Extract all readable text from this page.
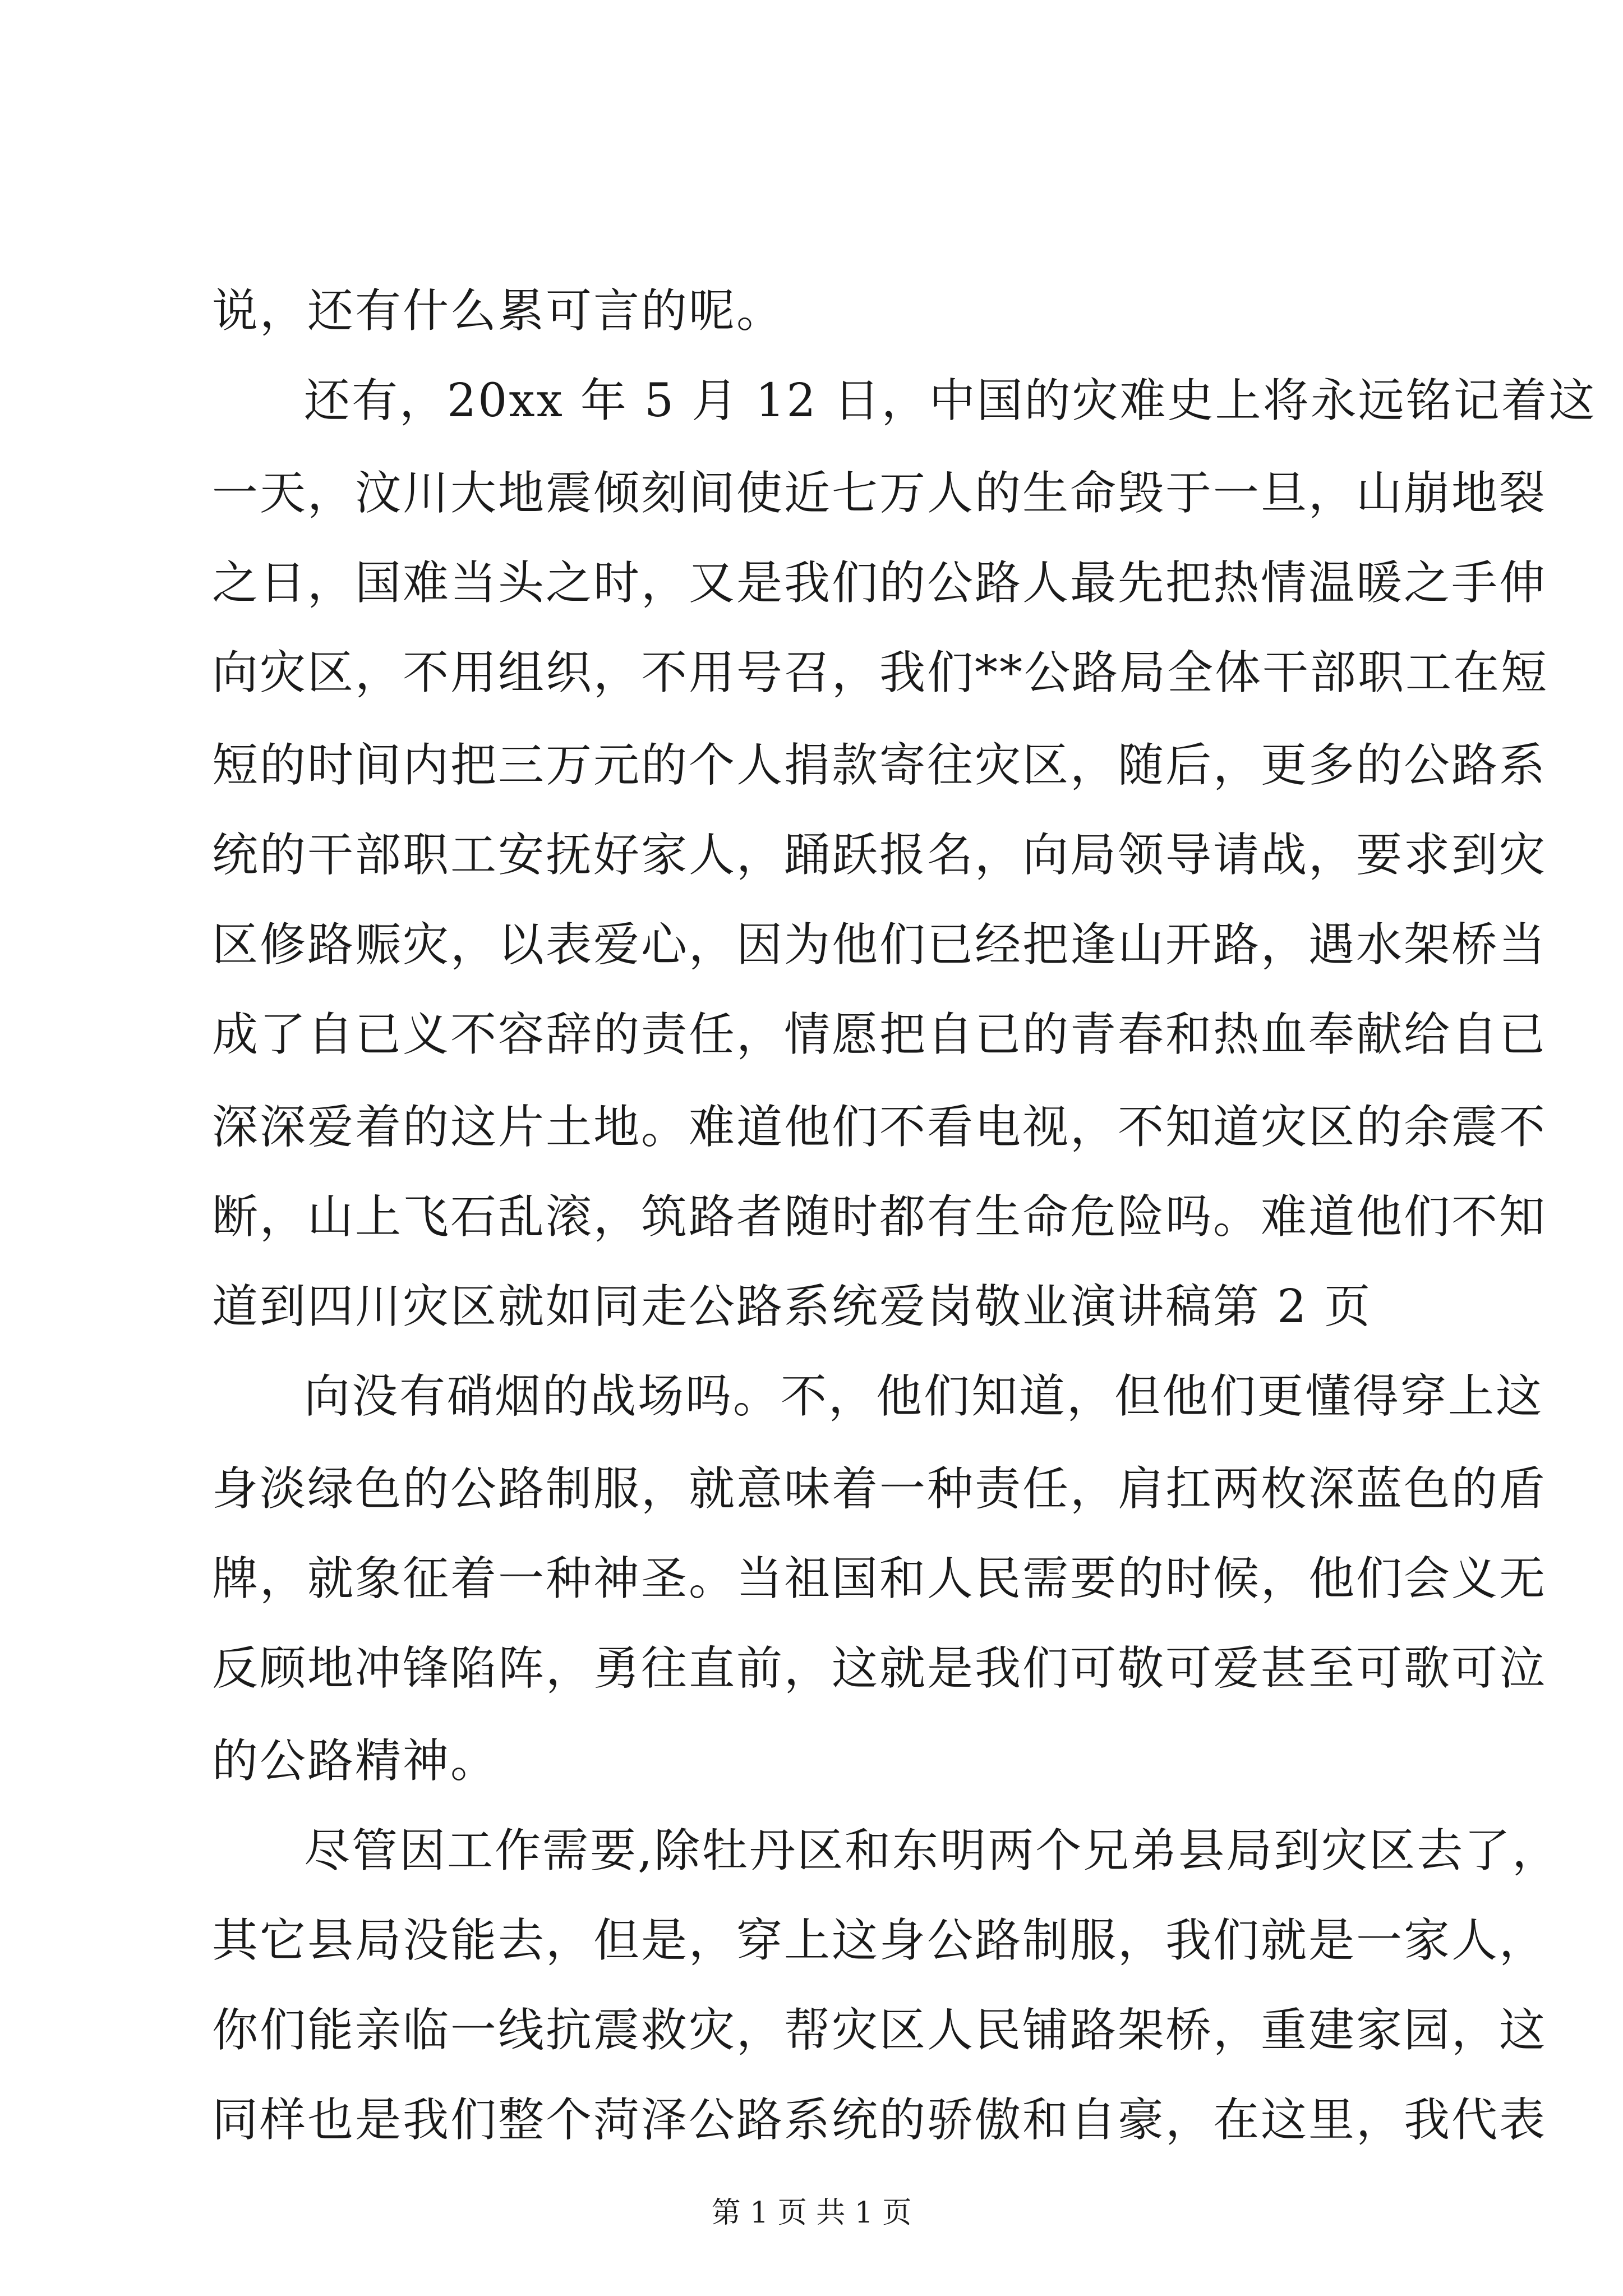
说，还有什么累可言的呢。
还有，20xx 年 5 月 12 日，中国的灾难史上将永远铭记着这
一天，汶川大地震倾刻间使近七万人的生命毁于一旦，山崩地裂
之日，国难当头之时，又是我们的公路人最先把热情温暖之手伸
向灾区，不用组织，不用号召，我们**公路局全体干部职工在短
短的时间内把三万元的个人捐款寄往灾区，随后，更多的公路系
统的干部职工安抚好家人，踊跃报名，向局领导请战，要求到灾
区修路赈灾，以表爱心，因为他们已经把逢山开路，遇水架桥当
成了自已义不容辞的责任，情愿把自已的青春和热血奉献给自已
深深爱着的这片土地。难道他们不看电视，不知道灾区的余震不
断，山上飞石乱滚，筑路者随时都有生命危险吗。难道他们不知
道到四川灾区就如同走公路系统爱岗敬业演讲稿第 2 页
向没有硝烟的战场吗。不，他们知道，但他们更懂得穿上这
身淡绿色的公路制服，就意味着一种责任，肩扛两枚深蓝色的盾
牌，就象征着一种神圣。当祖国和人民需要的时候，他们会义无
反顾地冲锋陷阵，勇往直前，这就是我们可敬可爱甚至可歌可泣
的公路精神。
尽管因工作需要,除牡丹区和东明两个兄弟县局到灾区去了，
其它县局没能去，但是，穿上这身公路制服，我们就是一家人，
你们能亲临一线抗震救灾，帮灾区人民铺路架桥，重建家园，这
同样也是我们整个菏泽公路系统的骄傲和自豪，在这里，我代表
第 1 页 共 1 页
